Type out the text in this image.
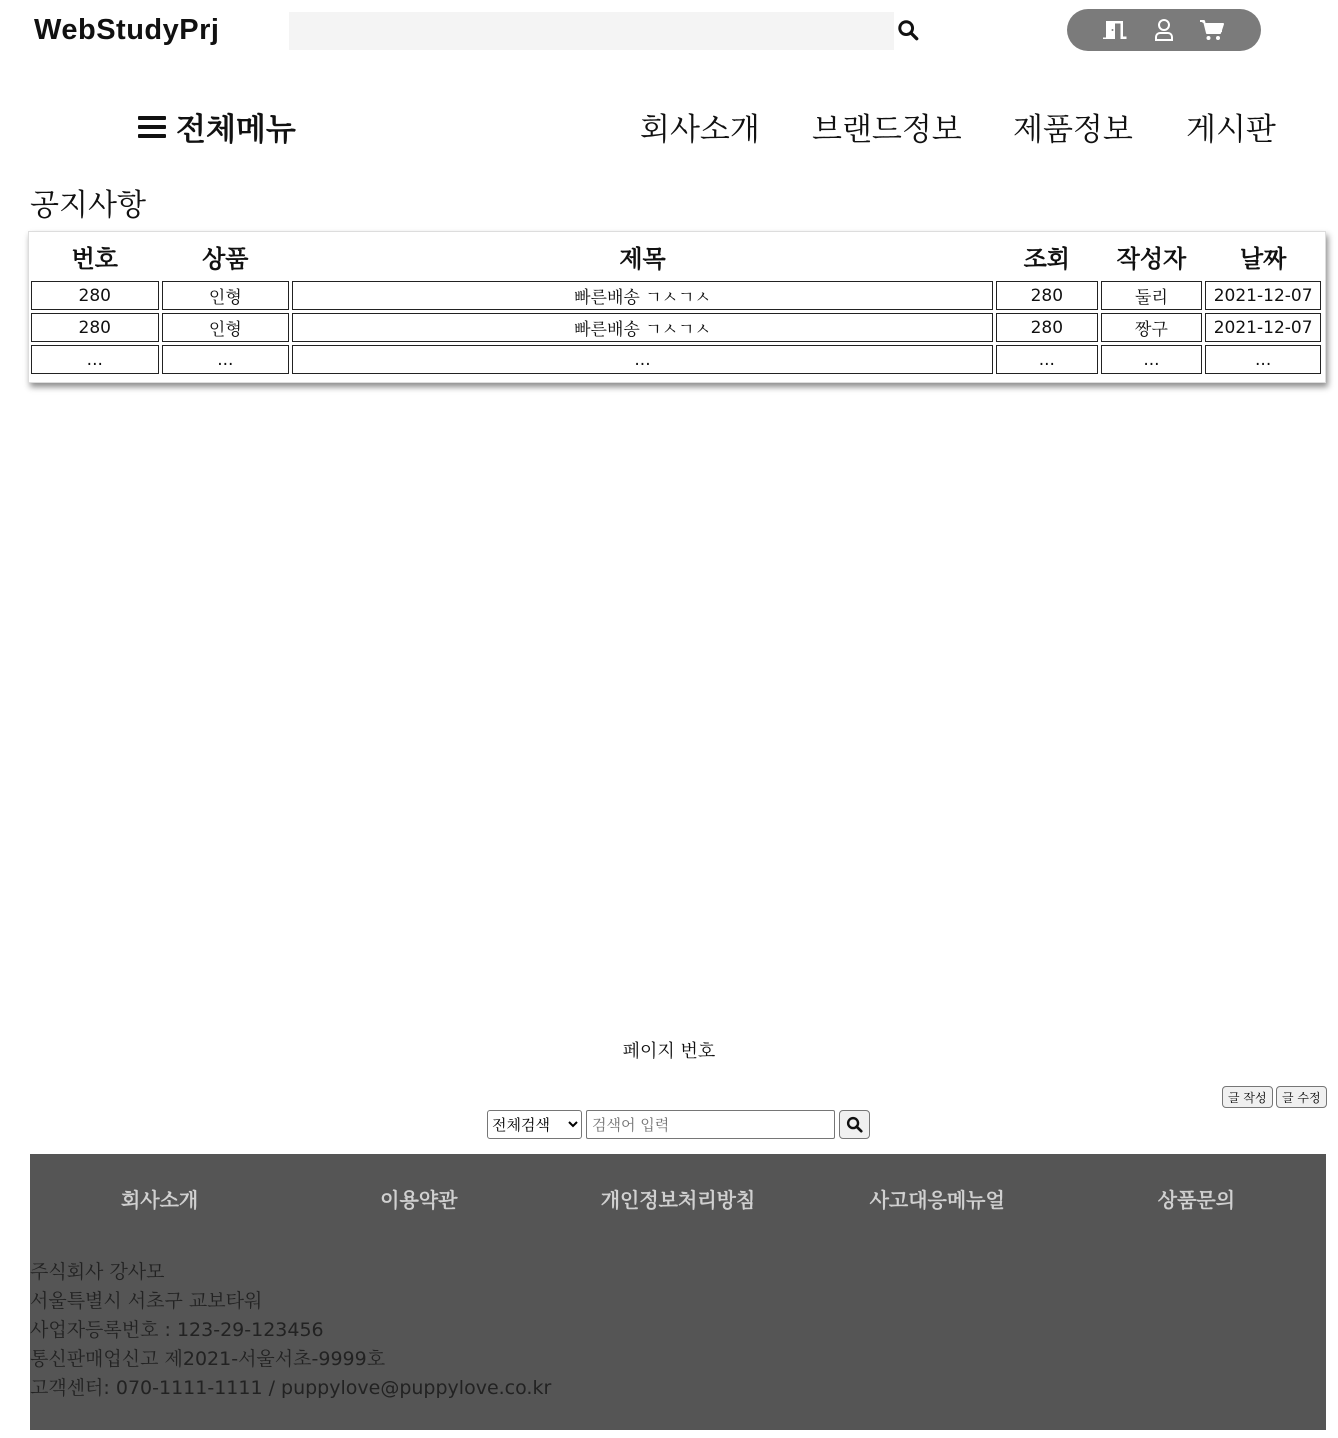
WebStudyPrj
전체메뉴	회사소개 브랜드정보 제품정보 게시판
공지사항
번호	상품	제목	조회	작성자	날짜
280	인형	빠른배송 ㄱㅅㄱㅅ	280	둘리	2021-12-07
280	인형	빠른배송 ㄱㅅㄱㅅ	280	짱구	2021-12-07
...	...	...	...	...	...
페이지 번호
글 작성	글 수정
전체검색
검색어 입력
회사소개	이용약관	개인정보처리방침	사고대응메뉴얼	상품문의
주식회사 강사모
서울특별시 서초구 교보타워
사업자등록번호 : 123-29-123456
통신판매업신고 제2021-서울서초-9999호
고객센터: 070-1111-1111 / puppylove@puppylove.co.kr
